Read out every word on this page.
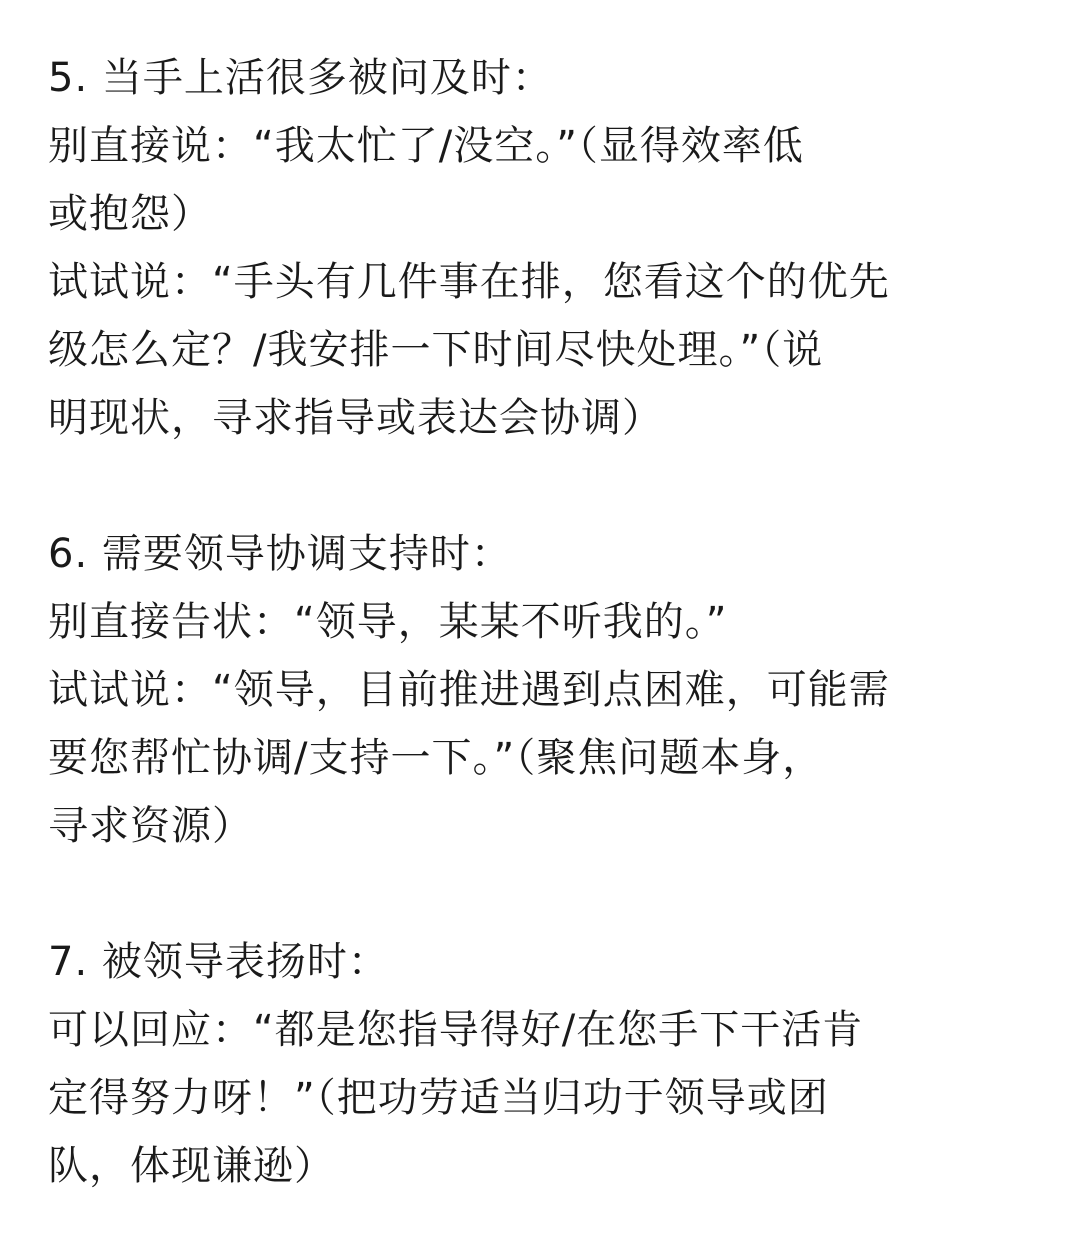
5. 当手上活很多被问及时：
别直接说：“我太忙了/没空。”（显得效率低
或抱怨）
试试说：“手头有几件事在排，您看这个的优先
级怎么定？/我安排一下时间尽快处理。”（说
明现状，寻求指导或表达会协调）
6. 需要领导协调支持时：
别直接告状：“领导，某某不听我的。”
试试说：“领导，目前推进遇到点困难，可能需
要您帮忙协调/支持一下。”（聚焦问题本身，
寻求资源）
7. 被领导表扬时：
可以回应：“都是您指导得好/在您手下干活肯
定得努力呀！”（把功劳适当归功于领导或团
队，体现谦逊）
